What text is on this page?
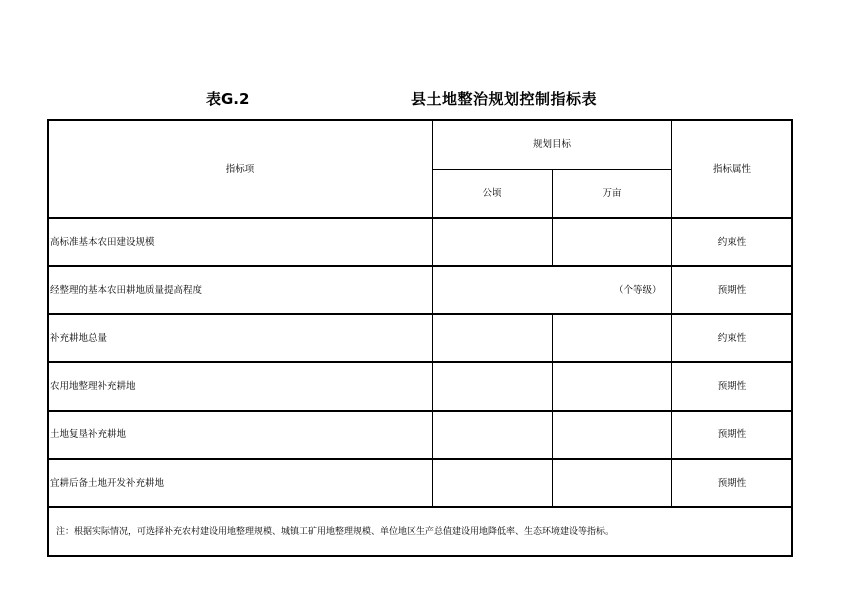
表G.2	县土地整治规划控制指标表
指标项
规划目标
公顷	万亩
指标属性
高标准基本农田建设规模
经整理的基本农田耕地质量提高程度
补充耕地总量
农用地整理补充耕地
土地复垦补充耕地
宜耕后备土地开发补充耕地
（个等级）
约束性
预期性
约束性
预期性
预期性
预期性
注：根据实际情况，可选择补充农村建设用地整理规模、城镇工矿用地整理规模、单位地区生产总值建设用地降低率、生态环境建设等指标。
